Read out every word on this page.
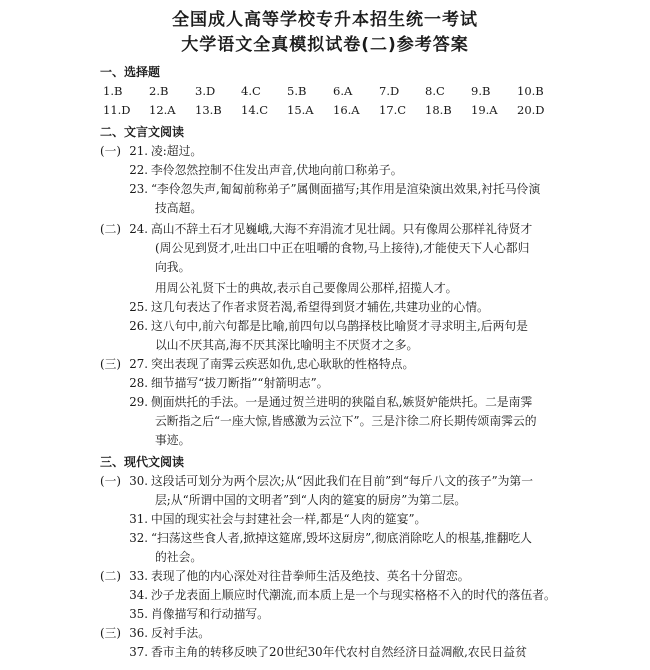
全国成人高等学校专升本招生统一考试
大学语文全真模拟试卷(二)参考答案
一、选择题
1.B	2.B	3.D	4.C	5.B	6.A	7.D	8.C	9.B	10.B
11.D	12.A	13.B	14.C	15.A	16.A	17.C	18.B	19.A	20.D
二、文言文阅读
(一) 21. 凌:超过。
22. 李伶忽然控制不住发出声音,伏地向前口称弟子。
23. “李伶忽失声,匍匐前称弟子”属侧面描写;其作用是渲染演出效果,衬托马伶演
技高超。
(二) 24. 高山不辞土石才见巍峨,大海不弃涓流才见壮阔。只有像周公那样礼待贤才
(周公见到贤才,吐出口中正在咀嚼的食物,马上接待),才能使天下人心都归
向我。
用周公礼贤下士的典故,表示自己要像周公那样,招揽人才。
25. 这几句表达了作者求贤若渴,希望得到贤才辅佐,共建功业的心情。
26. 这八句中,前六句都是比喻,前四句以乌鹊择枝比喻贤才寻求明主,后两句是
以山不厌其高,海不厌其深比喻明主不厌贤才之多。
(三) 27. 突出表现了南霁云疾恶如仇,忠心耿耿的性格特点。
28. 细节描写“拔刀断指”“射箭明志”。
29. 侧面烘托的手法。一是通过贺兰进明的狭隘自私,嫉贤妒能烘托。二是南霁
云断指之后“一座大惊,皆感激为云泣下”。三是汴徐二府长期传颂南霁云的
事迹。
三、现代文阅读
(一) 30. 这段话可划分为两个层次;从“因此我们在目前”到“每斤八文的孩子”为第一
层;从“所谓中国的文明者”到“人肉的筵宴的厨房”为第二层。
31. 中国的现实社会与封建社会一样,都是“人肉的筵宴”。
32. “扫荡这些食人者,掀掉这筵席,毁坏这厨房”,彻底消除吃人的根基,推翻吃人
的社会。
(二) 33. 表现了他的内心深处对往昔拳师生活及绝技、英名十分留恋。
34. 沙子龙表面上顺应时代潮流,而本质上是一个与现实格格不入的时代的落伍者。
35. 肖像描写和行动描写。
(三) 36. 反衬手法。
37. 香市主角的转移反映了20世纪30年代农村自然经济日益凋敝,农民日益贫
